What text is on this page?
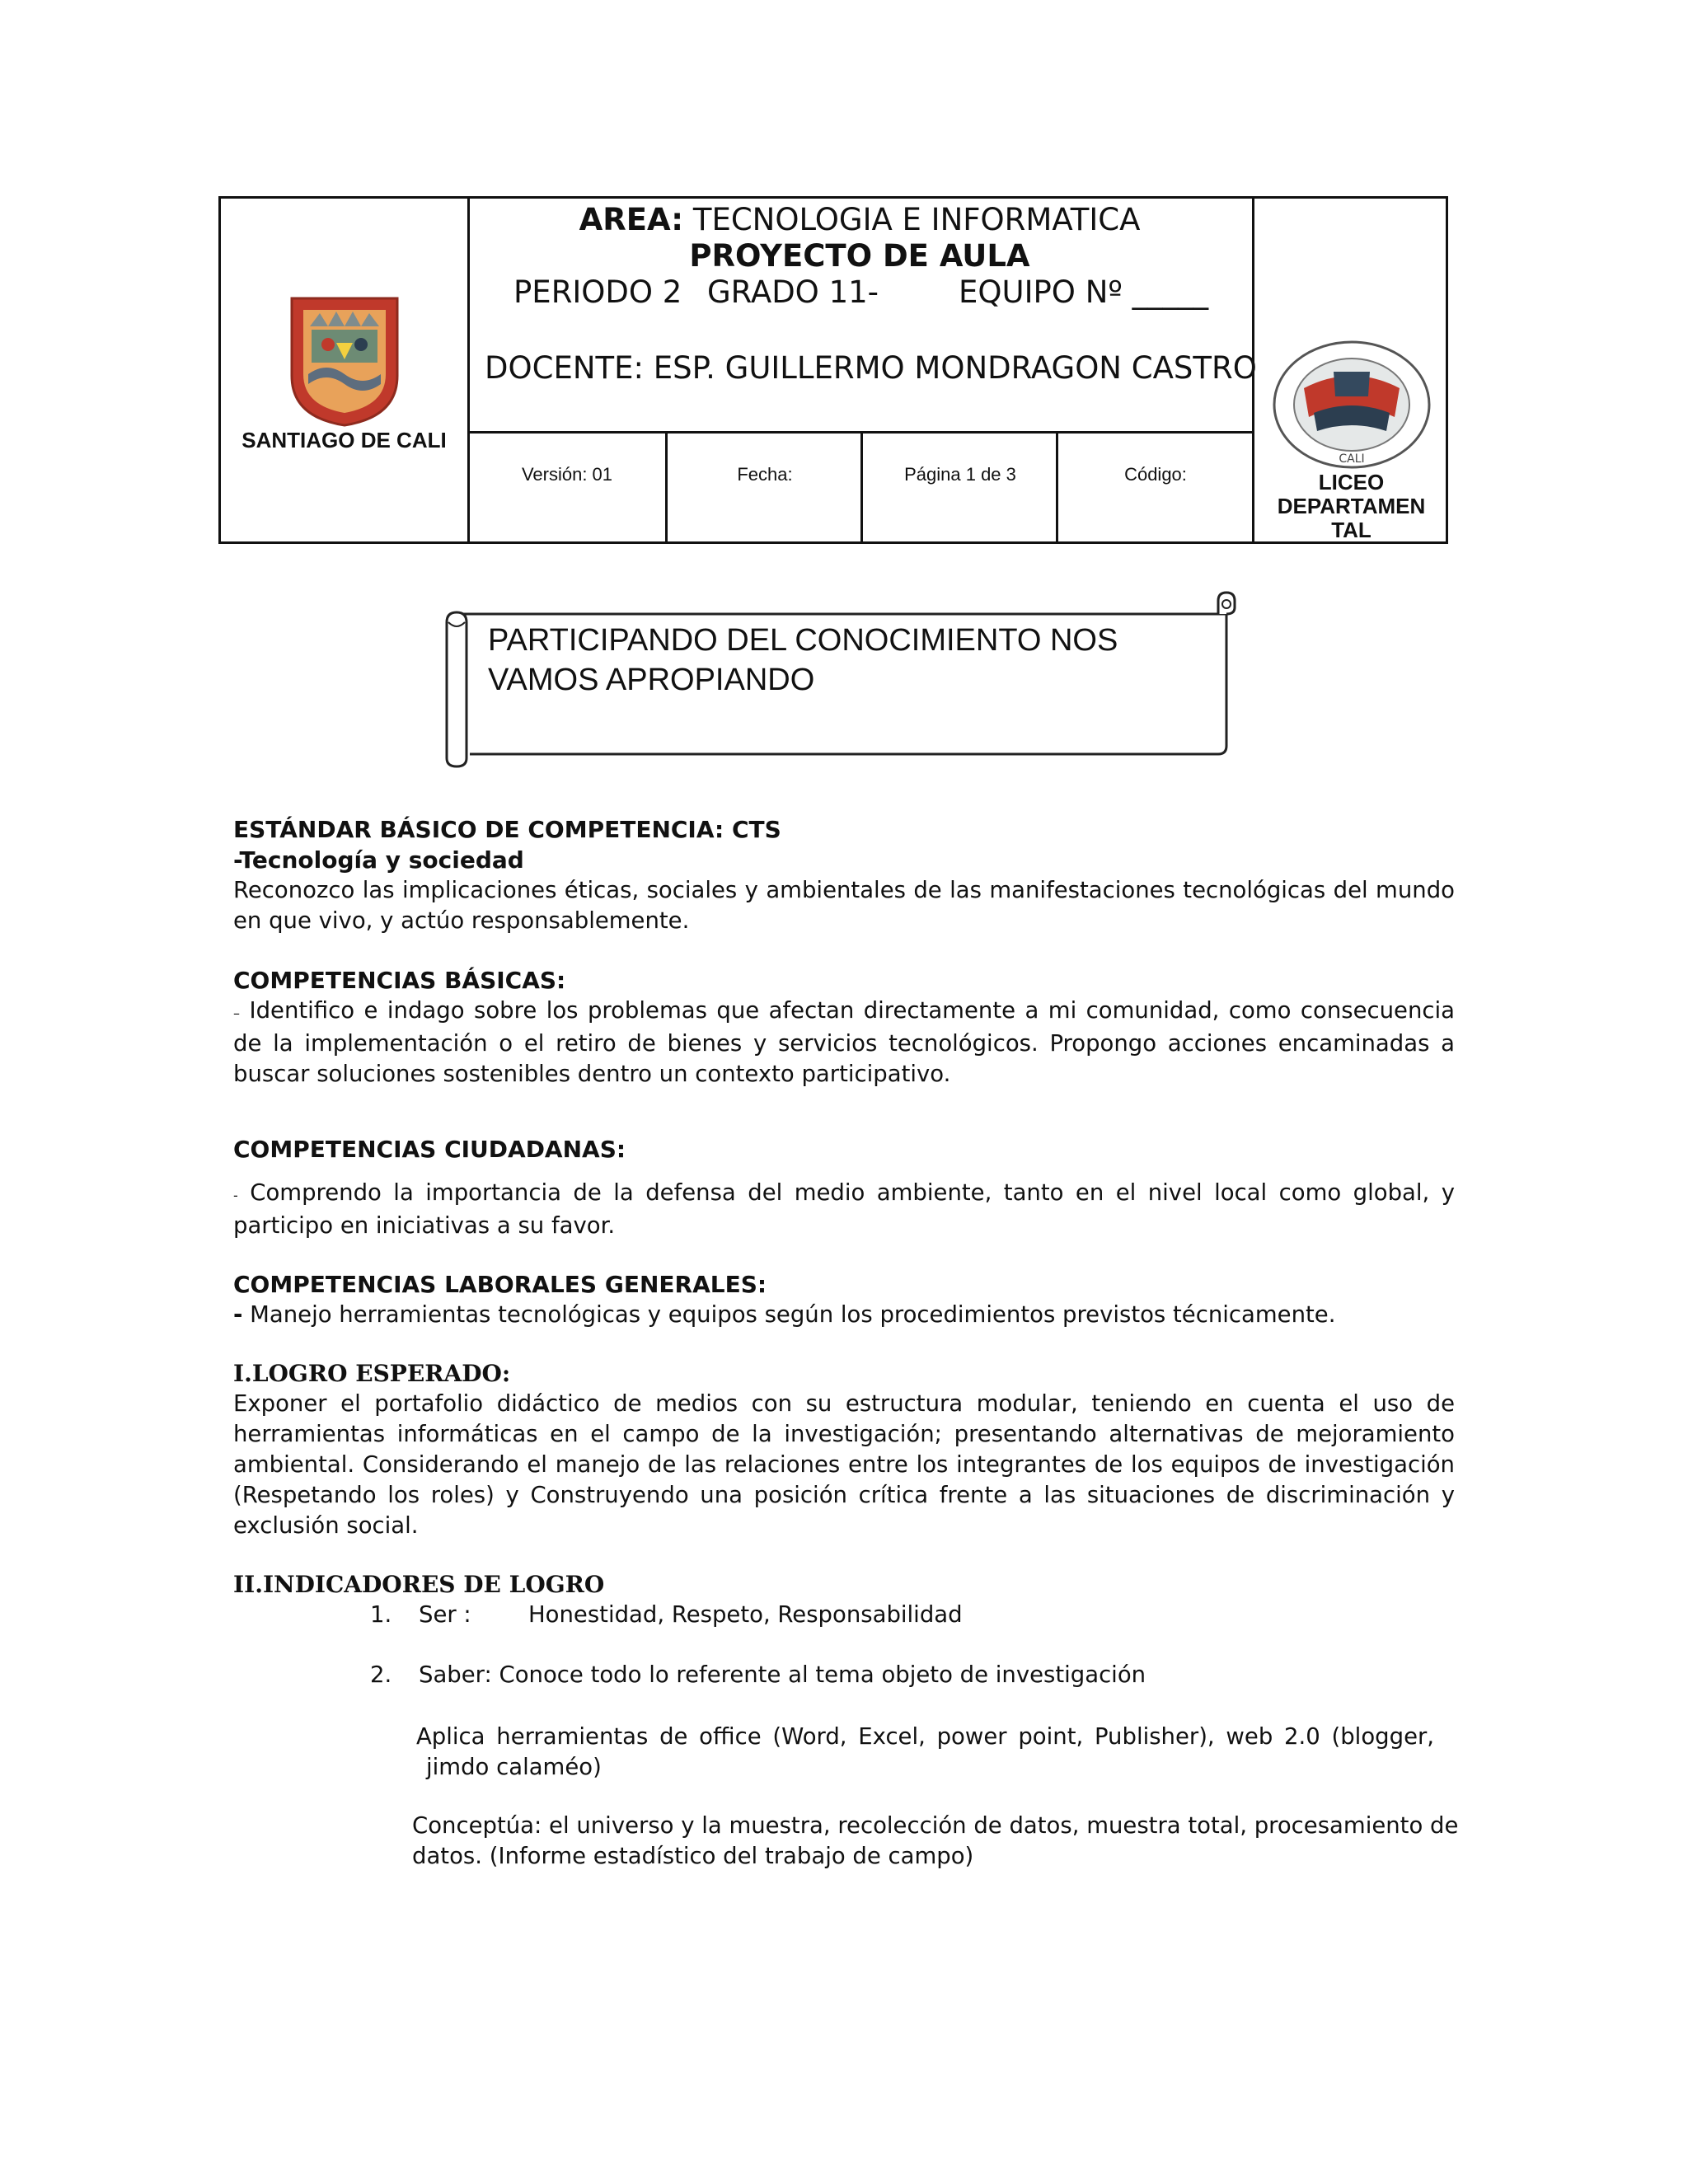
SANTIAGO DE CALI
AREA: TECNOLOGIA E INFORMATICA
PROYECTO DE AULA
PERIODO 2 GRADO 11-	EQUIPO Nº _____
DOCENTE: ESP. GUILLERMO MONDRAGON CASTRO
Versión: 01	Fecha:	Página 1 de 3	Código:
CALI
LICEO
DEPARTAMEN
TAL
PARTICIPANDO DEL CONOCIMIENTO NOS
VAMOS APROPIANDO
ESTÁNDAR BÁSICO DE COMPETENCIA: CTS
-Tecnología y sociedad
Reconozco las implicaciones éticas, sociales y ambientales de las manifestaciones tecnológicas del mundo en que vivo, y actúo responsablemente.
COMPETENCIAS BÁSICAS:
– Identifico e indago sobre los problemas que afectan directamente a mi comunidad, como consecuencia de la implementación o el retiro de bienes y servicios tecnológicos. Propongo acciones encaminadas a buscar soluciones sostenibles dentro un contexto participativo.
COMPETENCIAS CIUDADANAS:
- Comprendo la importancia de la defensa del medio ambiente, tanto en el nivel local como global, y participo en iniciativas a su favor.
COMPETENCIAS LABORALES GENERALES:
- Manejo herramientas tecnológicas y equipos según los procedimientos previstos técnicamente.
I.LOGRO ESPERADO:
Exponer el portafolio didáctico de medios con su estructura modular, teniendo en cuenta el uso de herramientas informáticas en el campo de la investigación; presentando alternativas de mejoramiento ambiental. Considerando el manejo de las relaciones entre los integrantes de los equipos de investigación (Respetando los roles) y Construyendo una posición crítica frente a las situaciones de discriminación y exclusión social.
II.INDICADORES DE LOGRO
1. Ser :	Honestidad, Respeto, Responsabilidad
2. Saber: Conoce todo lo referente al tema objeto de investigación
Aplica herramientas de office (Word, Excel, power point, Publisher), web 2.0 (blogger,
jimdo calaméo)
Conceptúa: el universo y la muestra, recolección de datos, muestra total, procesamiento de
datos. (Informe estadístico del trabajo de campo)
